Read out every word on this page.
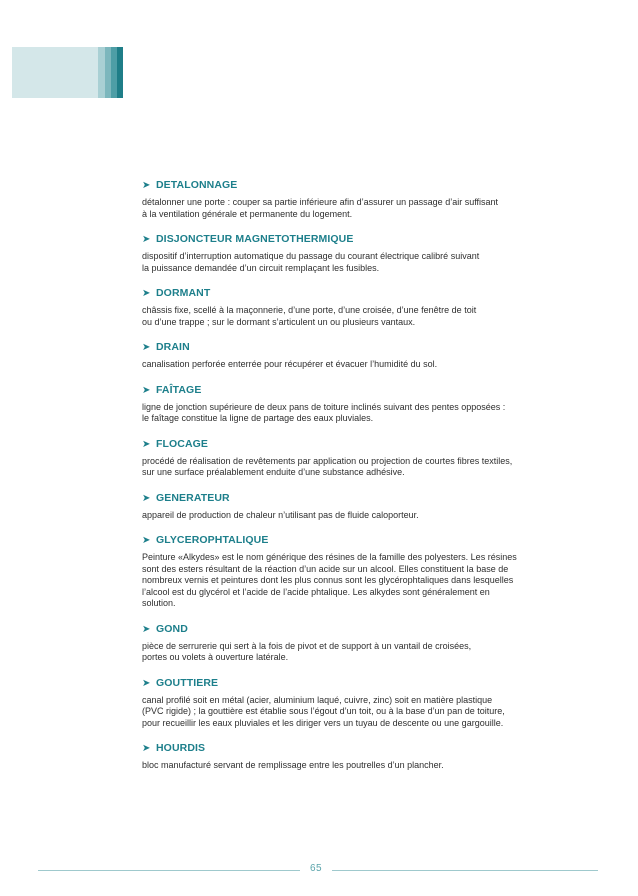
➤ DETALONNAGE
détalonner une porte : couper sa partie inférieure afin d’assurer un passage d’air suffisant
à la ventilation générale et permanente du logement.
➤ DISJONCTEUR MAGNETOTHERMIQUE
dispositif d’interruption automatique du passage du courant électrique calibré suivant
la puissance demandée d’un circuit remplaçant les fusibles.
➤ DORMANT
châssis fixe, scellé à la maçonnerie, d’une porte, d’une croisée, d’une fenêtre de toit
ou d’une trappe ; sur le dormant s’articulent un ou plusieurs vantaux.
➤ DRAIN
canalisation perforée enterrée pour récupérer et évacuer l’humidité du sol.
➤ FAÎTAGE
ligne de jonction supérieure de deux pans de toiture inclinés suivant des pentes opposées :
le faîtage constitue la ligne de partage des eaux pluviales.
➤ FLOCAGE
procédé de réalisation de revêtements par application ou projection de courtes fibres textiles,
sur une surface préalablement enduite d’une substance adhésive.
➤ GENERATEUR
appareil de production de chaleur n’utilisant pas de fluide caloporteur.
➤ GLYCEROPHTALIQUE
Peinture «Alkydes» est le nom générique des résines de la famille des polyesters. Les résines
sont des esters résultant de la réaction d’un acide sur un alcool. Elles constituent la base de
nombreux vernis et peintures dont les plus connus sont les glycérophtaliques dans lesquelles
l’alcool est du glycérol et l’acide de l’acide phtalique. Les alkydes sont généralement en
solution.
➤ GOND
pièce de serrurerie qui sert à la fois de pivot et de support à un vantail de croisées,
portes ou volets à ouverture latérale.
➤ GOUTTIERE
canal profilé soit en métal (acier, aluminium laqué, cuivre, zinc) soit en matière plastique
(PVC rigide) ; la gouttière est établie sous l’égout d’un toit, ou à la base d’un pan de toiture,
pour recueillir les eaux pluviales et les diriger vers un tuyau de descente ou une gargouille.
➤ HOURDIS
bloc manufacturé servant de remplissage entre les poutrelles d’un plancher.
65
